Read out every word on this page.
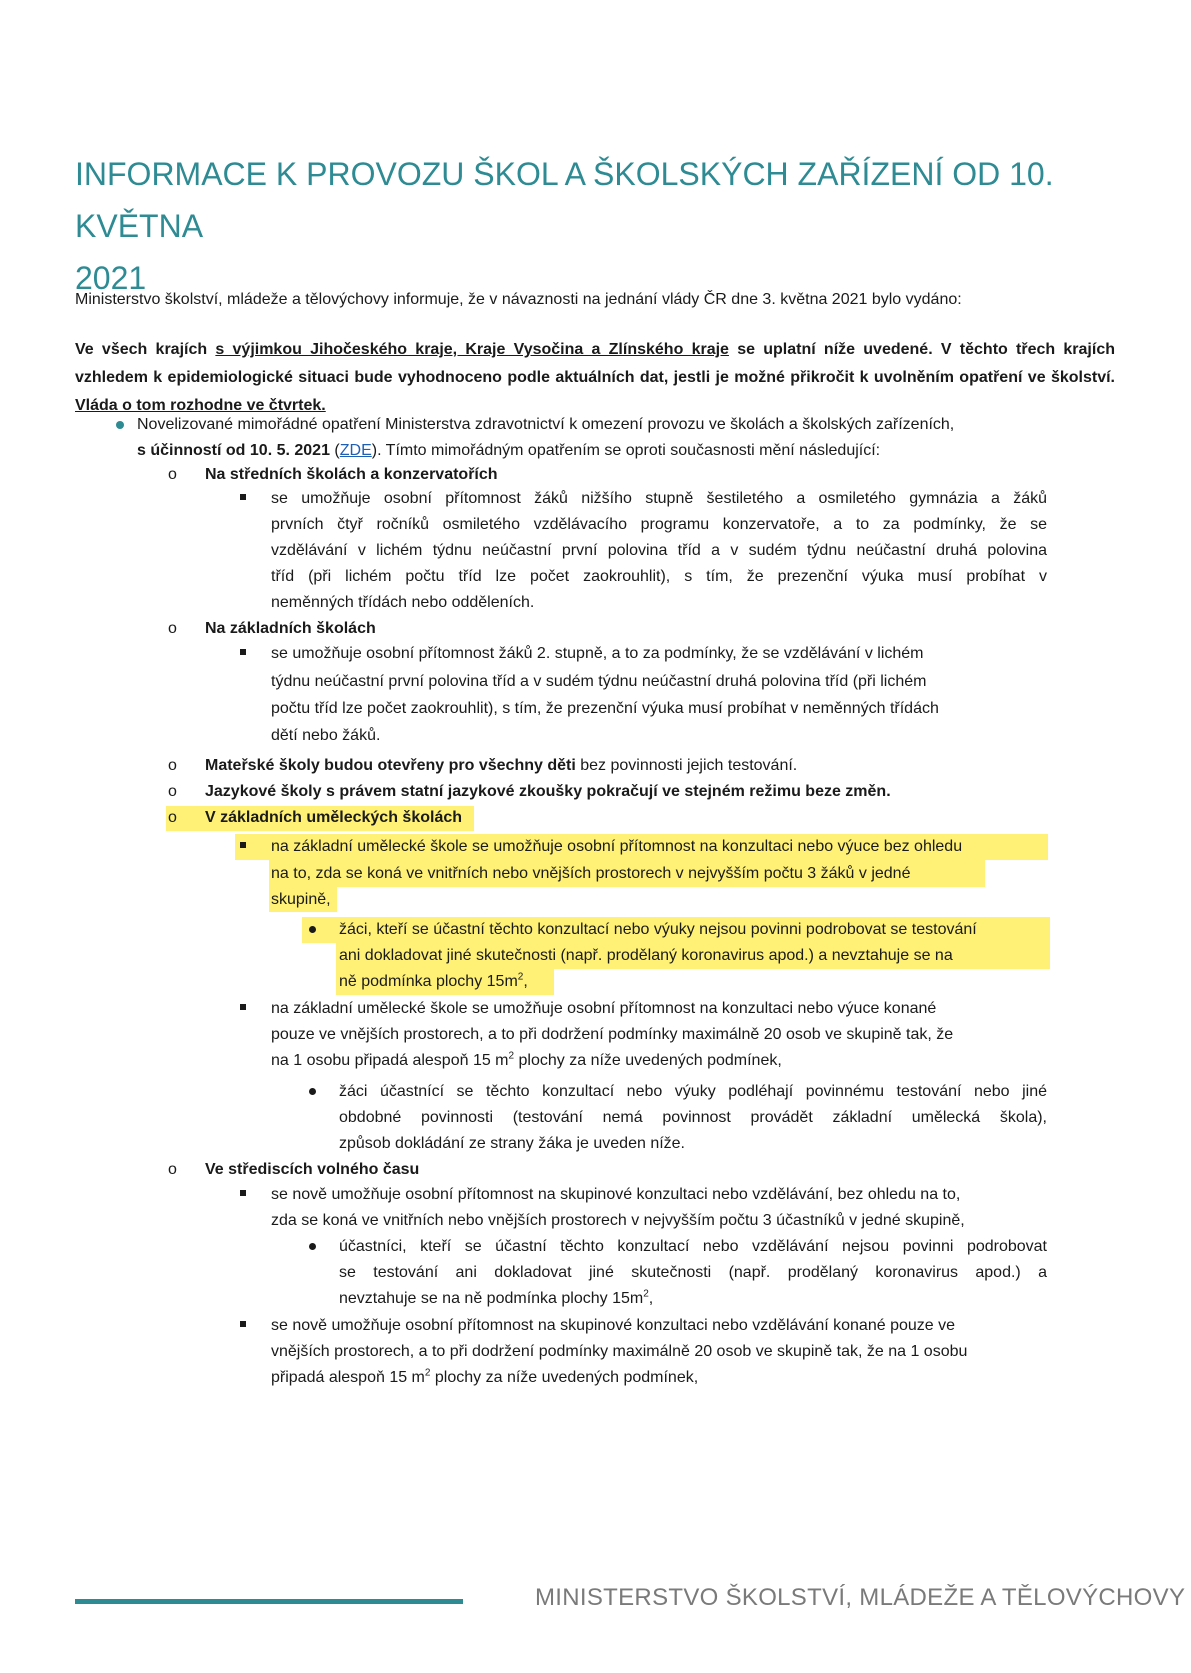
INFORMACE K PROVOZU ŠKOL A ŠKOLSKÝCH ZAŘÍZENÍ OD 10. KVĚTNA
2021
Ministerstvo školství, mládeže a tělovýchovy informuje, že v návaznosti na jednání vlády ČR dne 3. května 2021 bylo vydáno:
Ve všech krajích s výjimkou Jihočeského kraje, Kraje Vysočina a Zlínského kraje se uplatní níže uvedené. V těchto třech krajích vzhledem k epidemiologické situaci bude vyhodnoceno podle aktuálních dat, jestli je možné přikročit k uvolněním opatření ve školství. Vláda o tom rozhodne ve čtvrtek.
Novelizované mimořádné opatření Ministerstva zdravotnictví k omezení provozu ve školách a školských zařízeních,
s účinností od 10. 5. 2021 (ZDE). Tímto mimořádným opatřením se oproti současnosti mění následující:
o Na středních školách a konzervatořích
se umožňuje osobní přítomnost žáků nižšího stupně šestiletého a osmiletého gymnázia a žáků
prvních čtyř ročníků osmiletého vzdělávacího programu konzervatoře, a to za podmínky, že se
vzdělávání v lichém týdnu neúčastní první polovina tříd a v sudém týdnu neúčastní druhá polovina
tříd (při lichém počtu tříd lze počet zaokrouhlit), s tím, že prezenční výuka musí probíhat v
neměnných třídách nebo odděleních.
o Na základních školách
se umožňuje osobní přítomnost žáků 2. stupně, a to za podmínky, že se vzdělávání v lichém
týdnu neúčastní první polovina tříd a v sudém týdnu neúčastní druhá polovina tříd (při lichém
počtu tříd lze počet zaokrouhlit), s tím, že prezenční výuka musí probíhat v neměnných třídách
dětí nebo žáků.
o Mateřské školy budou otevřeny pro všechny děti bez povinnosti jejich testování.
o Jazykové školy s právem statní jazykové zkoušky pokračují ve stejném režimu beze změn.
o V základních uměleckých školách
na základní umělecké škole se umožňuje osobní přítomnost na konzultaci nebo výuce bez ohledu
na to, zda se koná ve vnitřních nebo vnějších prostorech v nejvyšším počtu 3 žáků v jedné
skupině,
žáci, kteří se účastní těchto konzultací nebo výuky nejsou povinni podrobovat se testování
ani dokladovat jiné skutečnosti (např. prodělaný koronavirus apod.) a nevztahuje se na
ně podmínka plochy $15m^2$,
na základní umělecké škole se umožňuje osobní přítomnost na konzultaci nebo výuce konané
pouze ve vnějších prostorech, a to při dodržení podmínky maximálně 20 osob ve skupině tak, že
na 1 osobu připadá alespoň 15 $m^2$ plochy za níže uvedených podmínek,
žáci účastnící se těchto konzultací nebo výuky podléhají povinnému testování nebo jiné
obdobné povinnosti (testování nemá povinnost provádět základní umělecká škola),
způsob dokládání ze strany žáka je uveden níže.
o Ve střediscích volného času
se nově umožňuje osobní přítomnost na skupinové konzultaci nebo vzdělávání, bez ohledu na to,
zda se koná ve vnitřních nebo vnějších prostorech v nejvyšším počtu 3 účastníků v jedné skupině,
účastníci, kteří se účastní těchto konzultací nebo vzdělávání nejsou povinni podrobovat
se testování ani dokladovat jiné skutečnosti (např. prodělaný koronavirus apod.) a
nevztahuje se na ně podmínka plochy $15m^2$,
se nově umožňuje osobní přítomnost na skupinové konzultaci nebo vzdělávání konané pouze ve
vnějších prostorech, a to při dodržení podmínky maximálně 20 osob ve skupině tak, že na 1 osobu
připadá alespoň 15 $m^2$ plochy za níže uvedených podmínek,
MINISTERSTVO ŠKOLSTVÍ, MLÁDEŽE A TĚLOVÝCHOVY
